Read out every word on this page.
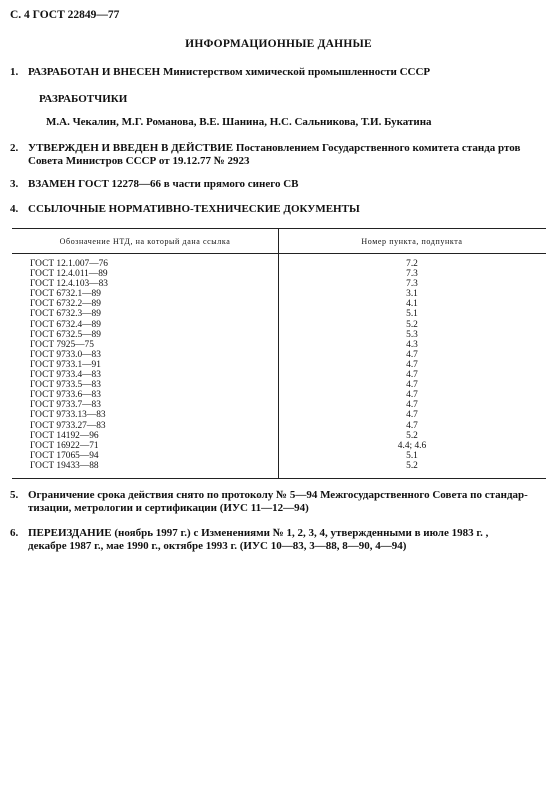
С. 4 ГОСТ 22849—77
ИНФОРМАЦИОННЫЕ ДАННЫЕ
1. РАЗРАБОТАН И ВНЕСЕН Министерством химической промышленности СССР
РАЗРАБОТЧИКИ
М.А. Чекалин, М.Г. Романова, В.Е. Шанина, Н.С. Сальникова, Т.И. Букатина
2. УТВЕРЖДЕН И ВВЕДЕН В ДЕЙСТВИЕ Постановлением Государственного комитета станда ртов
Совета Министров СССР от 19.12.77 № 2923
3. ВЗАМЕН ГОСТ 12278—66 в части прямого синего СВ
4. ССЫЛОЧНЫЕ НОРМАТИВНО-ТЕХНИЧЕСКИЕ ДОКУМЕНТЫ
Обозначение НТД, на который дана ссылка	Номер пункта, подпункта
ГОСТ 12.1.007—76	7.2
ГОСТ 12.4.011—89	7.3
ГОСТ 12.4.103—83	7.3
ГОСТ 6732.1—89	3.1
ГОСТ 6732.2—89	4.1
ГОСТ 6732.3—89	5.1
ГОСТ 6732.4—89	5.2
ГОСТ 6732.5—89	5.3
ГОСТ 7925—75	4.3
ГОСТ 9733.0—83	4.7
ГОСТ 9733.1—91	4.7
ГОСТ 9733.4—83	4.7
ГОСТ 9733.5—83	4.7
ГОСТ 9733.6—83	4.7
ГОСТ 9733.7—83	4.7
ГОСТ 9733.13—83	4.7
ГОСТ 9733.27—83	4.7
ГОСТ 14192—96	5.2
ГОСТ 16922—71	4.4; 4.6
ГОСТ 17065—94	5.1
ГОСТ 19433—88	5.2
5. Ограничение срока действия снято по протоколу № 5—94 Межгосударственного Совета по стандар-
тизации, метрологии и сертификации (ИУС 11—12—94)
6. ПЕРЕИЗДАНИЕ (ноябрь 1997 г.) с Изменениями № 1, 2, 3, 4, утвержденными в июле 1983 г. ,
декабре 1987 г., мае 1990 г., октябре 1993 г. (ИУС 10—83, 3—88, 8—90, 4—94)
